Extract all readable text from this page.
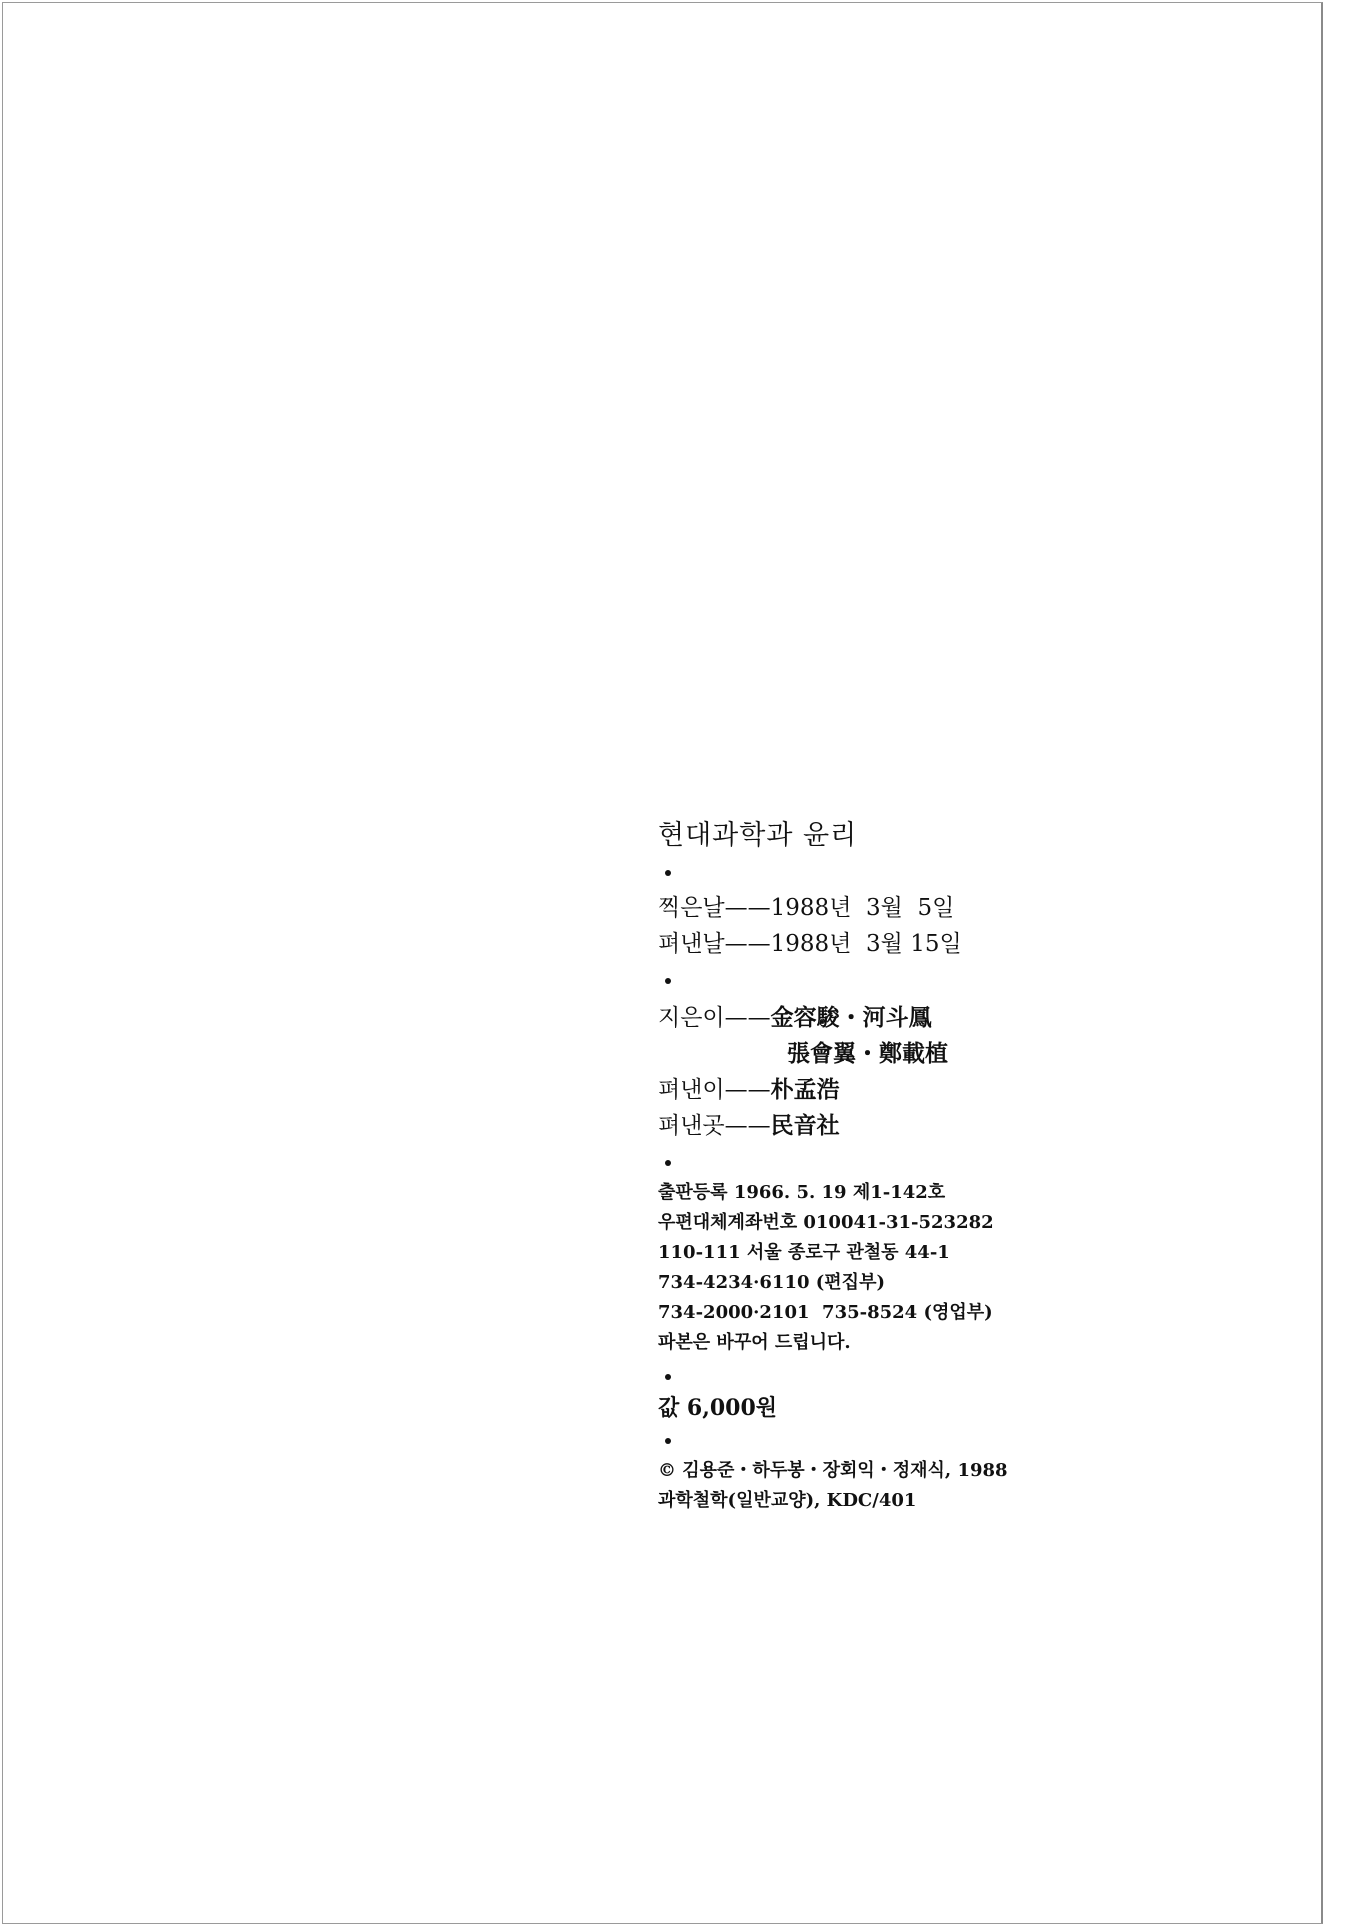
현대과학과 윤리
찍은날——1988년  3월  5일
펴낸날——1988년  3월 15일
지은이——金容駿・河斗鳳
張會翼・鄭載植
펴낸이——朴孟浩
펴낸곳——民音社
출판등록 1966. 5. 19 제1-142호
우편대체계좌번호 010041-31-523282
110-111 서울 종로구 관철동 44-1
734-4234·6110 (편집부)
734-2000·2101  735-8524 (영업부)
파본은 바꾸어 드립니다.
값 6,000원
© 김용준・하두봉・장회익・정재식, 1988
과학철학(일반교양), KDC/401
